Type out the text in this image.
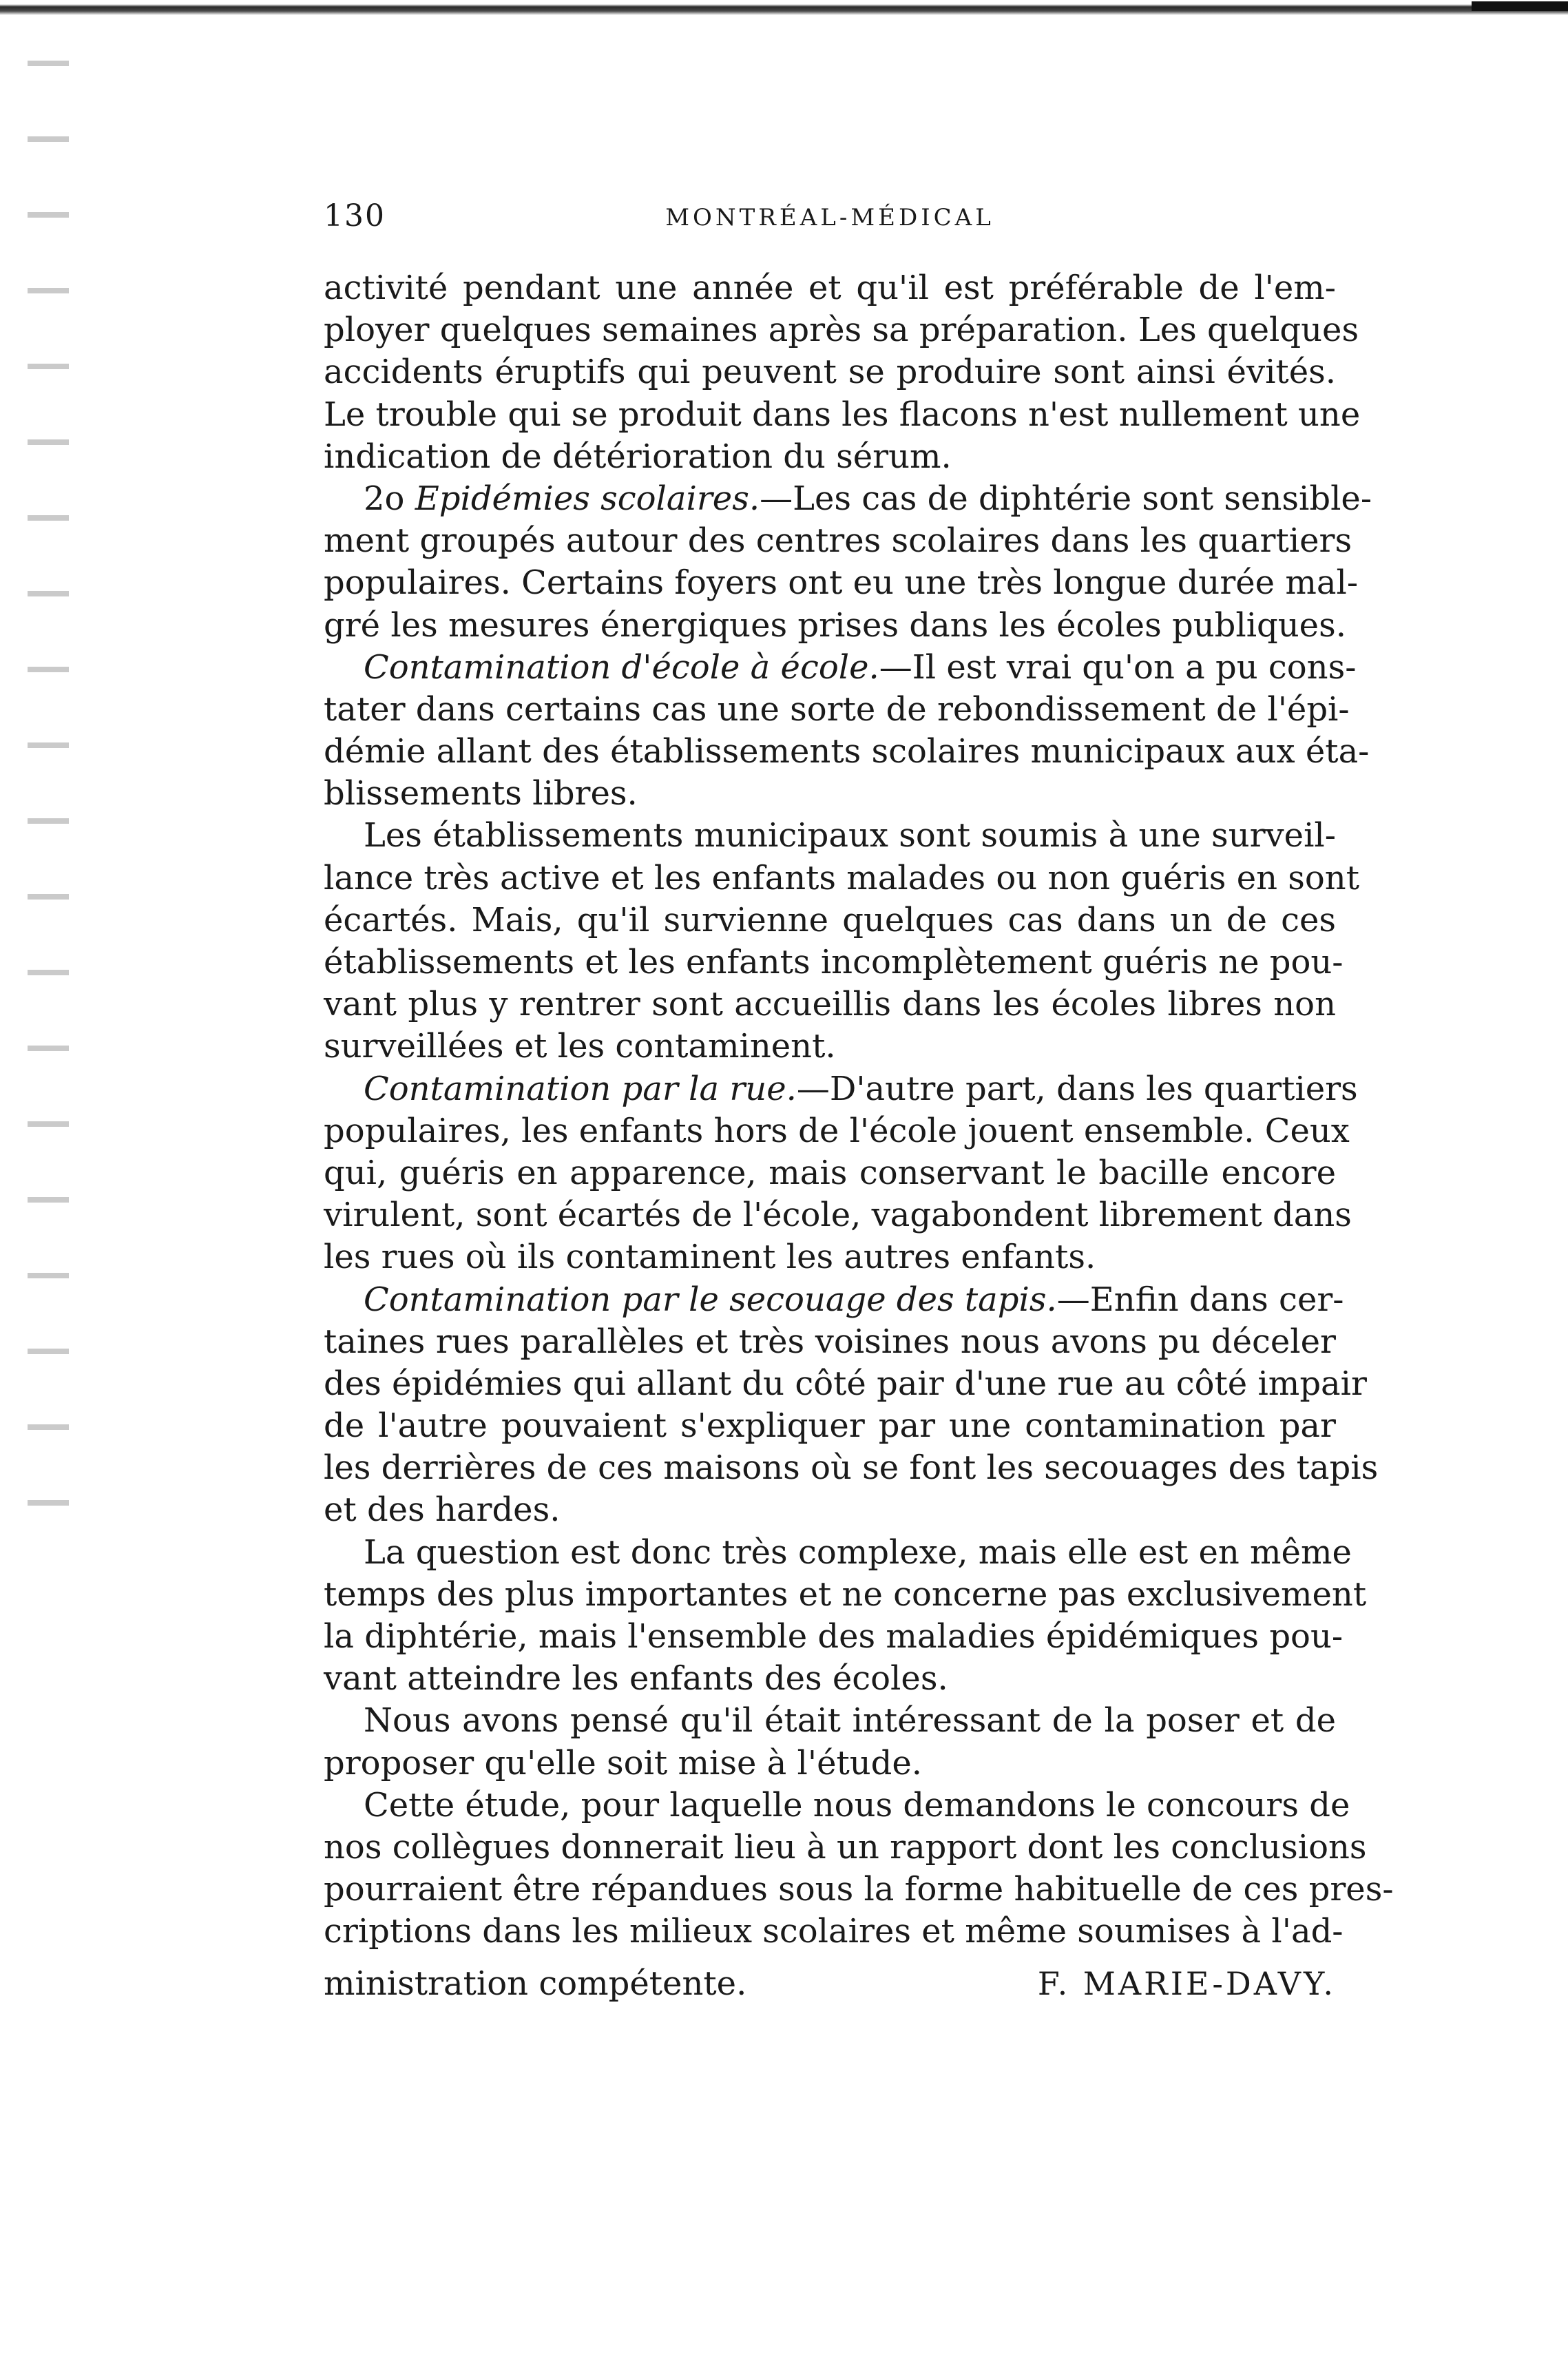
130	MONTRÉAL-MÉDICAL
activité pendant une année et qu'il est préférable de l'em-
ployer quelques semaines après sa préparation. Les quelques
accidents éruptifs qui peuvent se produire sont ainsi évités.
Le trouble qui se produit dans les flacons n'est nullement une
indication de détérioration du sérum.
2o Epidémies scolaires.—Les cas de diphtérie sont sensible-
ment groupés autour des centres scolaires dans les quartiers
populaires. Certains foyers ont eu une très longue durée mal-
gré les mesures énergiques prises dans les écoles publiques.
Contamination d'école à école.—Il est vrai qu'on a pu cons-
tater dans certains cas une sorte de rebondissement de l'épi-
démie allant des établissements scolaires municipaux aux éta-
blissements libres.
Les établissements municipaux sont soumis à une surveil-
lance très active et les enfants malades ou non guéris en sont
écartés. Mais, qu'il survienne quelques cas dans un de ces
établissements et les enfants incomplètement guéris ne pou-
vant plus y rentrer sont accueillis dans les écoles libres non
surveillées et les contaminent.
Contamination par la rue.—D'autre part, dans les quartiers
populaires, les enfants hors de l'école jouent ensemble. Ceux
qui, guéris en apparence, mais conservant le bacille encore
virulent, sont écartés de l'école, vagabondent librement dans
les rues où ils contaminent les autres enfants.
Contamination par le secouage des tapis.—Enfin dans cer-
taines rues parallèles et très voisines nous avons pu déceler
des épidémies qui allant du côté pair d'une rue au côté impair
de l'autre pouvaient s'expliquer par une contamination par
les derrières de ces maisons où se font les secouages des tapis
et des hardes.
La question est donc très complexe, mais elle est en même
temps des plus importantes et ne concerne pas exclusivement
la diphtérie, mais l'ensemble des maladies épidémiques pou-
vant atteindre les enfants des écoles.
Nous avons pensé qu'il était intéressant de la poser et de
proposer qu'elle soit mise à l'étude.
Cette étude, pour laquelle nous demandons le concours de
nos collègues donnerait lieu à un rapport dont les conclusions
pourraient être répandues sous la forme habituelle de ces pres-
criptions dans les milieux scolaires et même soumises à l'ad-
ministration compétente.	F. MARIE-DAVY.
